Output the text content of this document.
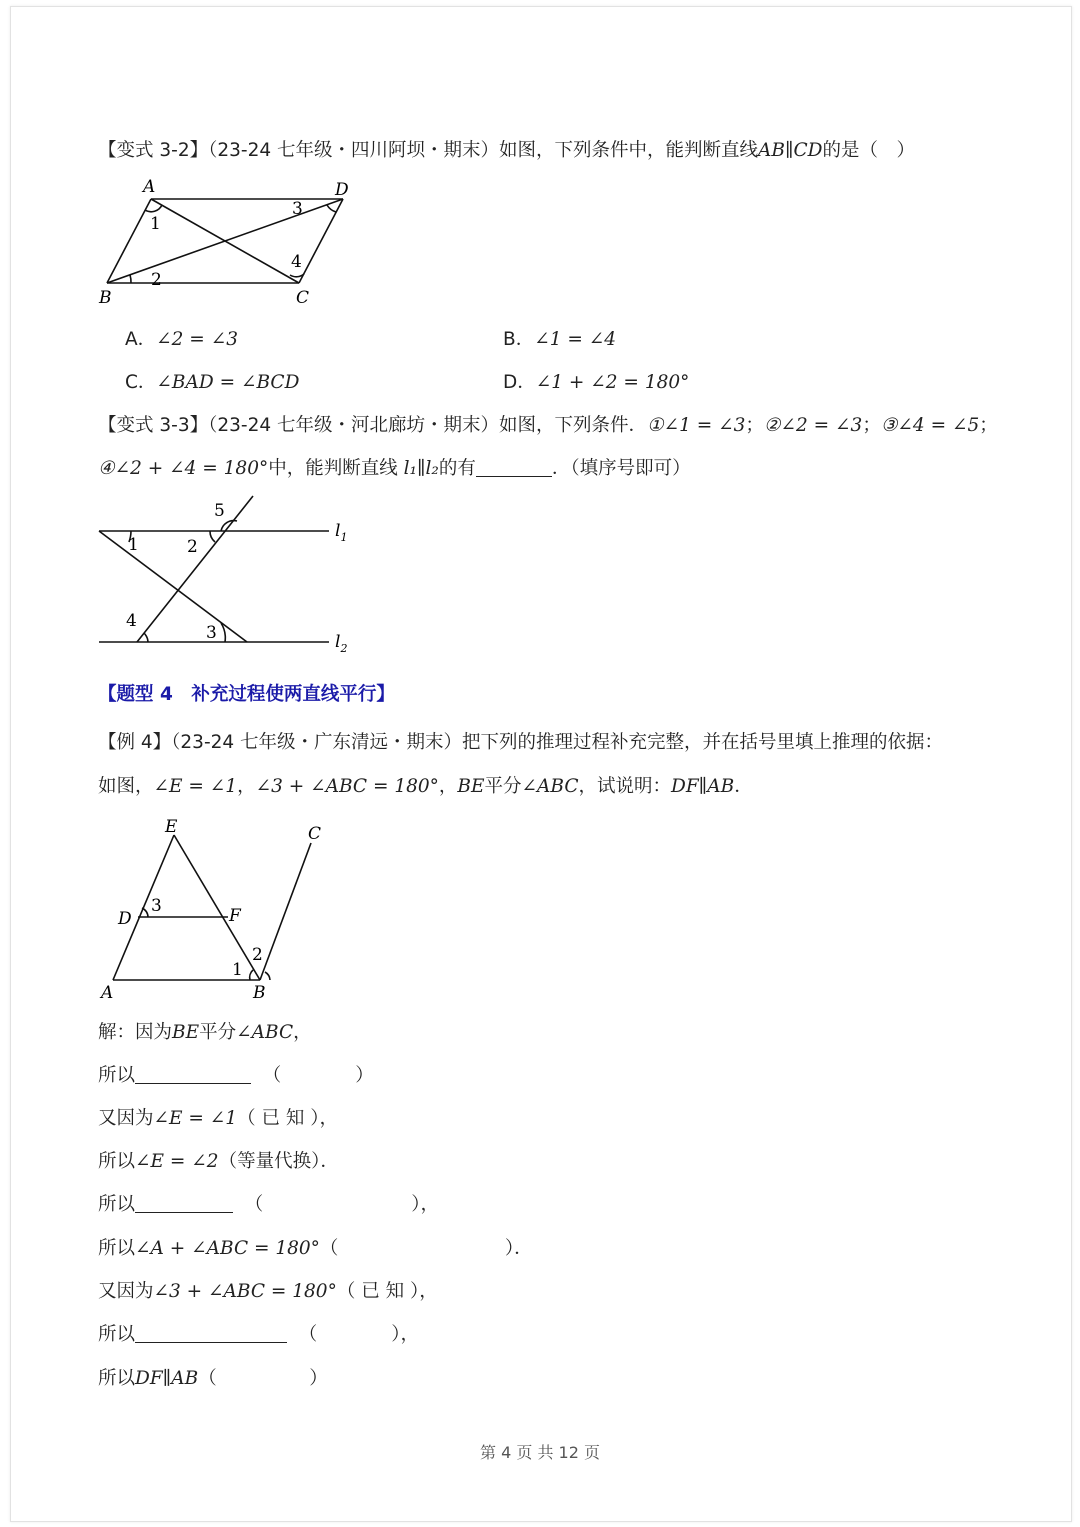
【变式 3-2】（23-24 七年级・四川阿坝・期末）如图，下列条件中，能判断直线AB∥CD的是（　）
A	D
B	C
1
2
3
4
A．∠2 = ∠3	B．∠1 = ∠4
C．∠BAD = ∠BCD	D．∠1 + ∠2 = 180°
【变式 3-3】（23-24 七年级・河北廊坊・期末）如图，下列条件．①∠1 = ∠3；②∠2 = ∠3；③∠4 = ∠5；
④∠2 + ∠4 = 180°中，能判断直线 l₁∥l₂的有	．（填序号即可）
1	2
3
4
5
$l_1$
$l_2$
【题型 4　补充过程使两直线平行】
【例 4】（23-24 七年级・广东清远・期末）把下列的推理过程补充完整，并在括号里填上推理的依据：
如图，∠E = ∠1，∠3 + ∠ABC = 180°，BE平分∠ABC，试说明：DF∥AB．
E	C
D	F
A	B
1
2
3
解：因为BE平分∠ABC，
所以	（　　　　）
又因为∠E = ∠1（ 已 知 ），
所以∠E = ∠2（等量代换）．
所以	（　　　　　　　　），
所以∠A + ∠ABC = 180°（　　　　　　　　　）．
又因为∠3 + ∠ABC = 180°（ 已 知 ），
所以	（　　　　），
所以DF∥AB（　　　　　）
第 4 页 共 12 页
